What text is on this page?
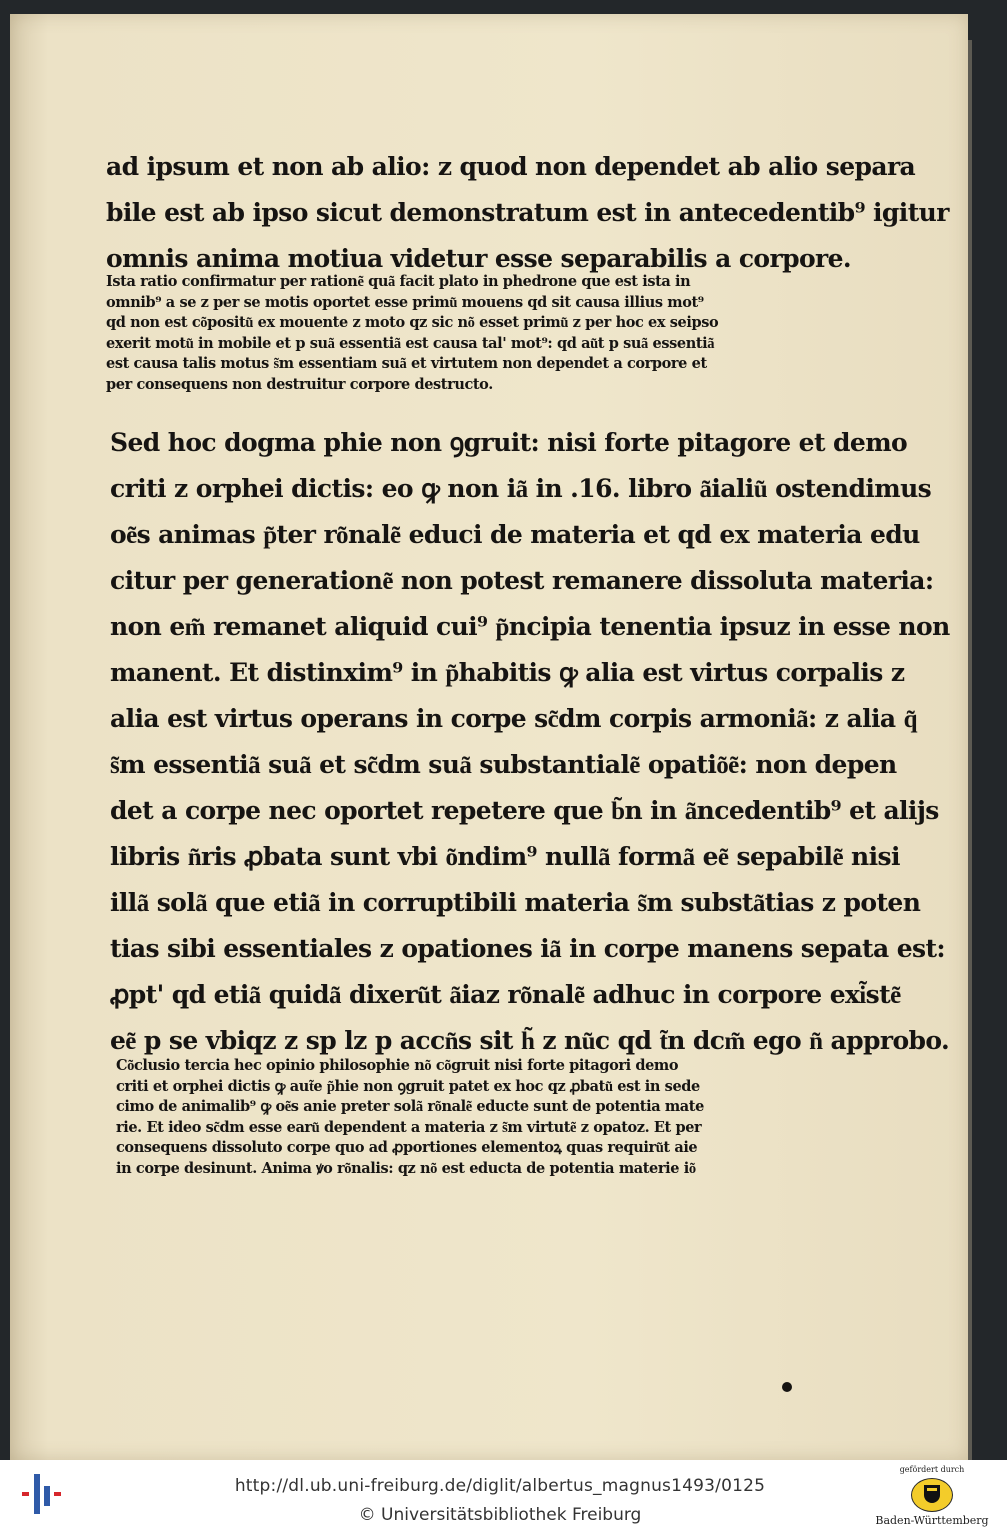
ad ipsum et non ab alio: z quod non dependet ab alio separa
bile est ab ipso sicut demonstratum est in antecedentib⁹ igitur
omnis anima motiua videtur esse separabilis a corpore.
Ista ratio confirmatur per ratione͂ qua͂ facit plato in phedrone que est ista in
omnib⁹ a se z per se motis oportet esse primu͂ mouens qd sit causa illius mot⁹
qd non est co͂positu͂ ex mouente z moto qz sic no͂ esset primu͂ z per hoc ex seipso
exerit motu͂ in mobile et p sua͂ essentia͂ est causa tal' mot⁹: qd au͂t p sua͂ essentia͂
est causa talis motus s͂m essentiam sua͂ et virtutem non dependet a corpore et
per consequens non destruitur corpore destructo.
Sed hoc dogma phie non ꝯgruit: nisi forte pitagore et demo
criti z orphei dictis: eo ꝙ non ia͂ in .16. libro a͂ialiu͂ ostendimus
oe͂s animas p͂ter ro͂nale͂ educi de materia et qd ex materia edu
citur per generatione͂ non potest remanere dissoluta materia:
non em͂ remanet aliquid cui⁹ p͂ncipia tenentia ipsuz in esse non
manent. Et distinxim⁹ in p͂habitis ꝙ alia est virtus corpalis z
alia est virtus operans in corpe sc͂dm corpis armonia͂: z alia q͂
s͂m essentia͂ sua͂ et sc͂dm sua͂ substantiale͂ opatio͂e͂: non depen
det a corpe nec oportet repetere que b͂n in a͂ncedentib⁹ et alijs
libris n͂ris ꝓbata sunt vbi o͂ndim⁹ nulla͂ forma͂ ee͂ sepabile͂ nisi
illa͂ sola͂ que etia͂ in corruptibili materia s͂m substa͂tias z poten
tias sibi essentiales z opationes ia͂ in corpe manens sepata est:
ꝓpt' qd etia͂ quida͂ dixeru͂t a͂iaz ro͂nale͂ adhuc in corpore exi͂ste͂
ee͂ p se vbiqz z sp lz p accn͂s sit h͂ z nu͂c qd t͂n dcm͂ ego n͂ approbo.
Co͂clusio tercia hec opinio philosophie no͂ co͂gruit nisi forte pitagori demo
criti et orphei dictis ꝙ aut͂e p͂hie non ꝯgruit patet ex hoc qz ꝓbatu͂ est in sede
cimo de animalib⁹ ꝙ oe͂s anie preter sola͂ ro͂nale͂ educte sunt de potentia mate
rie. Et ideo sc͂dm esse earu͂ dependent a materia z s͂m virtute͂ z opatoz. Et per
consequens dissoluto corpe quo ad ꝓportiones elementoꝝ quas requiru͂t aie
in corpe desinunt. Anima ꝟo ro͂nalis: qz no͂ est educta de potentia materie io͂
http://dl.ub.uni-freiburg.de/diglit/albertus_magnus1493/0125
© Universitätsbibliothek Freiburg
gefördert durch
Baden-Württemberg
